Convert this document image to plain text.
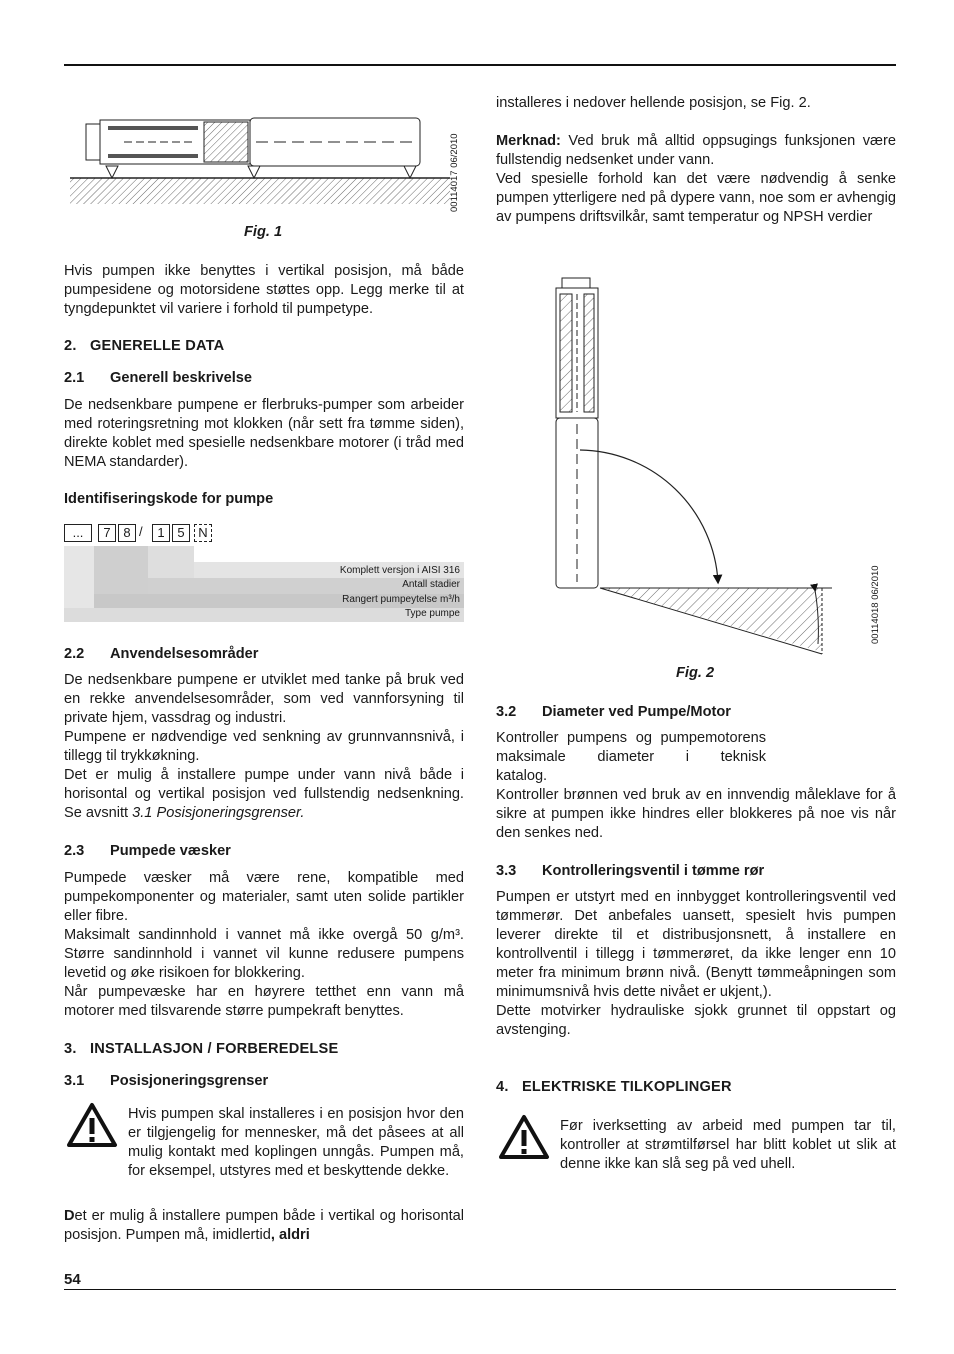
54
00114017 06/2010
Fig. 1

Hvis pumpen ikke benyttes i vertikal posisjon, må både pumpesidene og motorsidene støttes opp. Legg merke til at tyngdepunktet vil variere i forhold til pumpetype.

2. GENERELLE DATA

2.1 Generell beskrivelse

De nedsenkbare pumpene er flerbruks-pumper som arbeider med roteringsretning mot klokken (når sett fra tømme siden), direkte koblet med spesielle nedsenkbare motorer (i tråd med NEMA standarder).

Identifiseringskode for pumpe

...	7 8 /	1 5	N
Komplett versjon i AISI 316
Antall stadier
Rangert pumpeytelse m³/h
Type pumpe

2.2 Anvendelsesområder

De nedsenkbare pumpene er utviklet med tanke på bruk ved en rekke anvendelsesområder, som ved vannforsyning til private hjem, vassdrag og industri.

Pumpene er nødvendige ved senkning av grunnvannsnivå, i tillegg til trykkøkning.

Det er mulig å installere pumpe under vann nivå både i horisontal og vertikal posisjon ved fullstendig nedsenkning. Se avsnitt 3.1 Posisjoneringsgrenser.

2.3 Pumpede væsker

Pumpede væsker må være rene, kompatible med pumpekomponenter og materialer, samt uten solide partikler eller fibre.

Maksimalt sandinnhold i vannet må ikke overgå 50 g/m³. Større sandinnhold i vannet vil kunne redusere pumpens levetid og øke risikoen for blokkering.

Når pumpevæske har en høyrere tetthet enn vann må motorer med tilsvarende større pumpekraft benyttes.

3. INSTALLASJON / FORBEREDELSE

3.1 Posisjoneringsgrenser

Hvis pumpen skal installeres i en posisjon hvor den er tilgjengelig for mennesker, må det påsees at all mulig kontakt med koplingen unngås. Pumpen må, for eksempel, utstyres med et beskyttende dekke.

Det er mulig å installere pumpen både i vertikal og horisontal posisjon. Pumpen må, imidlertid, aldri

installeres i nedover hellende posisjon, se Fig. 2.

Merknad: Ved bruk må alltid oppsugings funksjonen være fullstendig nedsenket under vann.

Ved spesielle forhold kan det være nødvendig å senke pumpen ytterligere ned på dypere vann, noe som er avhengig av pumpens driftsvilkår, samt temperatur og NPSH verdier

00114018 06/2010
Fig. 2

3.2 Diameter ved Pumpe/Motor

Kontroller pumpens og pumpemotorens maksimale diameter i teknisk

katalog.

Kontroller brønnen ved bruk av en innvendig måleklave for å sikre at pumpen ikke hindres eller blokkeres på noe vis når den senkes ned.

3.3 Kontrolleringsventil i tømme rør

Pumpen er utstyrt med en innbygget kontrolleringsventil ved tømmerør. Det anbefales uansett, spesielt hvis pumpen leverer direkte til et distribusjonsnett, å installere en kontrollventil i tillegg i tømmerøret, da ikke lenger enn 10 meter fra minimum brønn nivå. (Benytt tømmeåpningen som minimumsnivå hvis dette nivået er ukjent,).

Dette motvirker hydrauliske sjokk grunnet til oppstart og avstenging.

4. ELEKTRISKE TILKOPLINGER

Før iverksetting av arbeid med pumpen tar til, kontroller at strømtilførsel har blitt koblet ut slik at denne ikke kan slå seg på ved uhell.
